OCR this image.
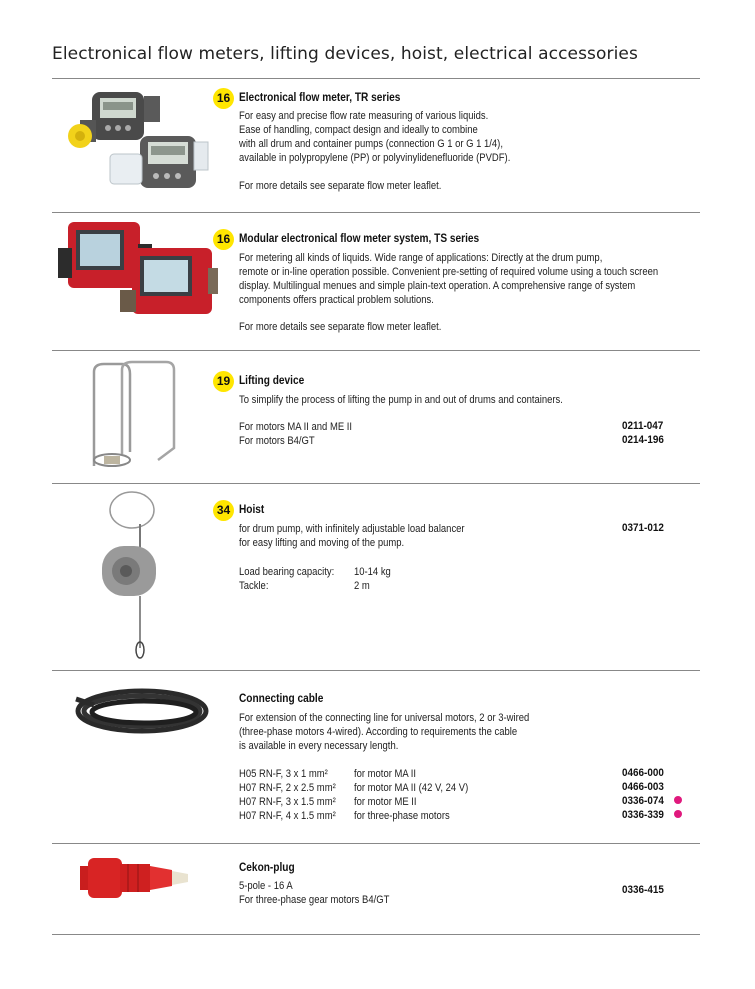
Electronical flow meters, lifting devices, hoist, electrical accessories
16 Electronical flow meter, TR series
For easy and precise flow rate measuring of various liquids.
Ease of handling, compact design and ideally to combine
with all drum and container pumps (connection G 1 or G 1 1/4),
available in polypropylene (PP) or polyvinylidenefluoride (PVDF).
For more details see separate flow meter leaflet.
16 Modular electronical flow meter system, TS series
For metering all kinds of liquids. Wide range of applications: Directly at the drum pump,
remote or in-line operation possible. Convenient pre-setting of required volume using a touch screen
display. Multilingual menues and simple plain-text operation. A comprehensive range of system
components offers practical problem solutions.
For more details see separate flow meter leaflet.
19 Lifting device
To simplify the process of lifting the pump in and out of drums and containers.
For motors MA II and ME II	0211-047
For motors B4/GT	0214-196
34 Hoist
for drum pump, with infinitely adjustable load balancer	0371-012
for easy lifting and moving of the pump.
Load bearing capacity: 10-14 kg
Tackle:	2 m
Connecting cable
For extension of the connecting line for universal motors, 2 or 3-wired
(three-phase motors 4-wired). According to requirements the cable
is available in every necessary length.
H05 RN-F, 3 x 1 mm² for motor MA II	0466-000
H07 RN-F, 2 x 2.5 mm² for motor MA II (42 V, 24 V)	0466-003
H07 RN-F, 3 x 1.5 mm² for motor ME II	0336-074
H07 RN-F, 4 x 1.5 mm² for three-phase motors	0336-339
Cekon-plug
5-pole - 16 A
For three-phase gear motors B4/GT
0336-415
